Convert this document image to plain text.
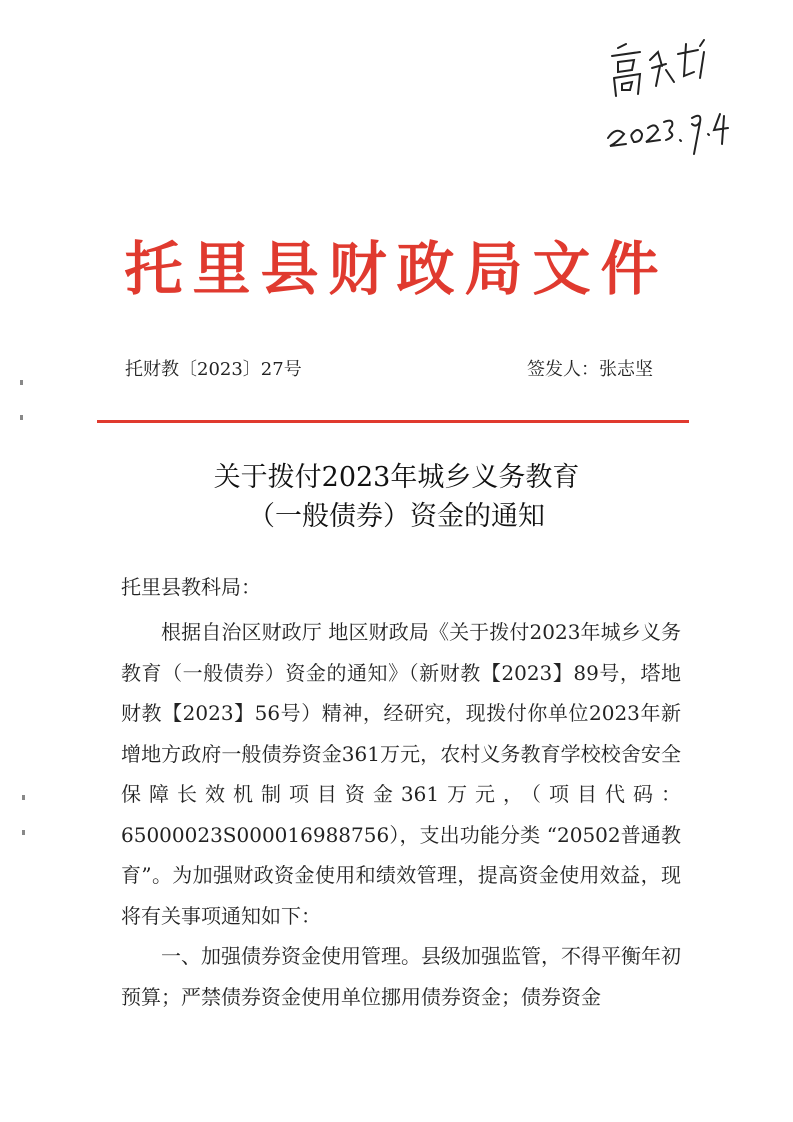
托里县财政局文件
托财教〔2023〕27号	签发人：张志坚
关于拨付2023年城乡义务教育
（一般债券）资金的通知
托里县教科局：

根据自治区财政厅 地区财政局《关于拨付2023年城乡义务教育（一般债券）资金的通知》（新财教【2023】89号，塔地财教【2023】56号）精神，经研究，现拨付你单位2023年新增地方政府一般债券资金361万元，农村义务教育学校校舍安全保障长效机制项目资金361万元，（项目代码：65000023S000016988756），支出功能分类 “20502普通教育”。为加强财政资金使用和绩效管理，提高资金使用效益，现将有关事项通知如下：

一、加强债券资金使用管理。县级加强监管，不得平衡年初预算；严禁债券资金使用单位挪用债券资金；债券资金
